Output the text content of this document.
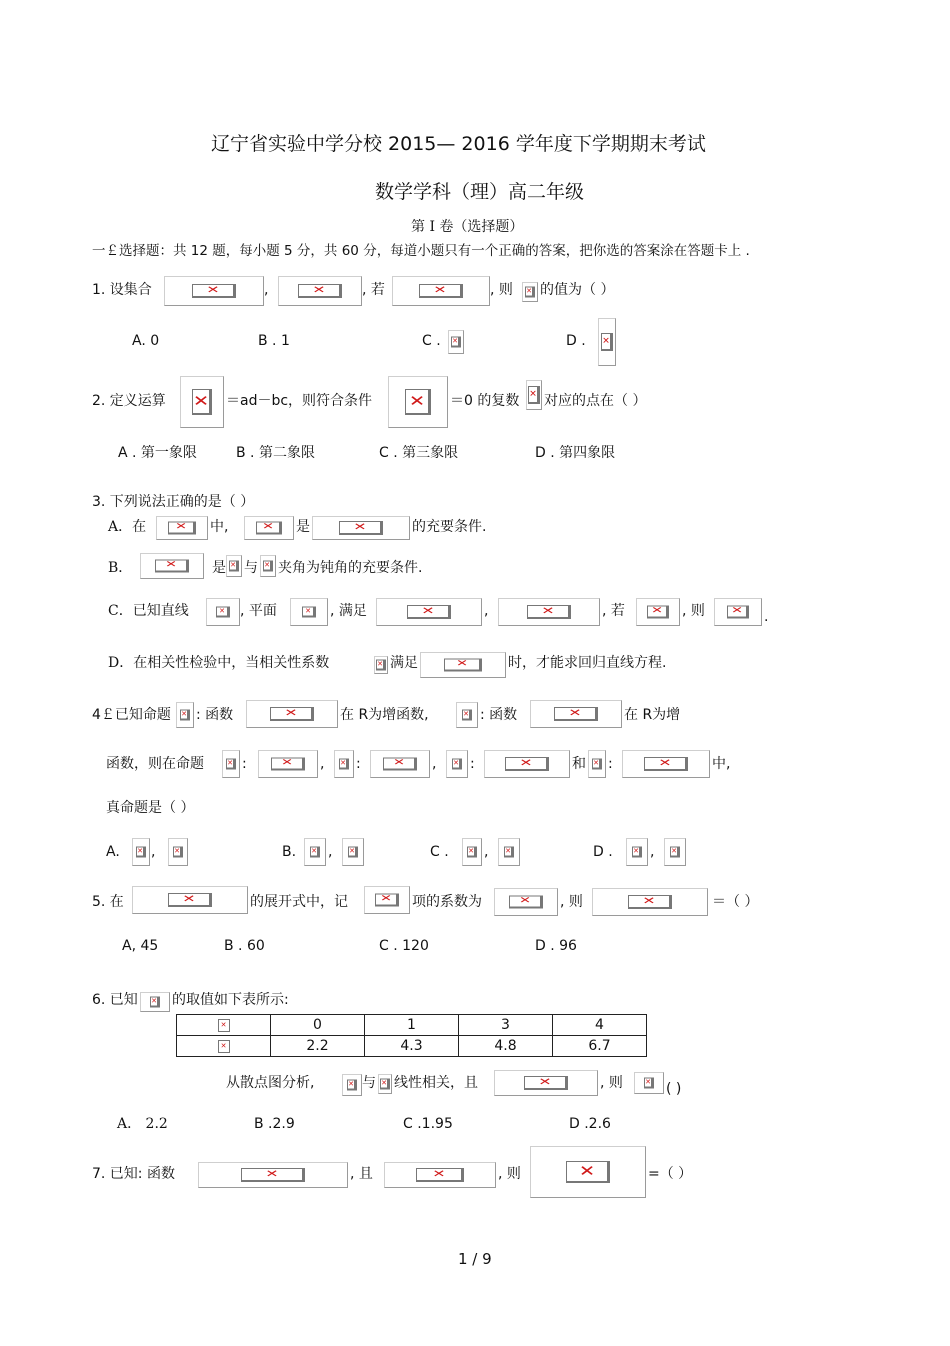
辽宁省实验中学分校 2015— 2016 学年度下学期期末考试
数学学科（理）高二年级
第 I 卷（选择题）
一￡选择题：共 12 题，每小题 5 分，共 60 分，每道小题只有一个正确的答案，把你选的答案涂在答题卡上 .
1. 设集合 ✕	, ✕	, 若 ✕	, 则 ✕ 的值为（ ）
A. 0	B . 1	C . ✕	D .
✕
2. 定义运算 ✕	＝ad－bc，则符合条件 ✕	＝0 的复数 ✕ 对应的点在（ ）
A . 第一象限	B . 第二象限	C . 第三象限	D . 第四象限
3. 下列说法正确的是（ ）
A．在 ✕	中, ✕	是 ✕	的充要条件.
B． ✕	是 ✕ 与 ✕ 夹角为钝角的充要条件.
C．已知直线 ✕	, 平面 ✕	, 满足 ✕	, ✕	, 若 ✕	, 则 ✕	.
D．在相关性检验中，当相关性系数 ✕	满足 ✕	时，才能求回归直线方程.
4￡已知命题 ✕ : 函数 ✕	在 R为增函数, ✕	: 函数 ✕	在 R为增
函数，则在命题 ✕	: ✕	, ✕ : ✕	, ✕ : ✕	和 ✕ : ✕	中,
真命题是（ ）
A. ✕ , ✕	B. ✕ , ✕	C . ✕	, ✕	D . ✕	,
✕
5. 在 ✕	的展开式中，记 ✕	项的系数为 ✕	, 则 ✕	＝（ ）
A, 45	B . 60	C . 120	D . 96
6. 已知 ✕ 的取值如下表所示:
✕	0	1	3	4
✕	2.2	4.3	4.8	6.7
从散点图分析, ✕	与 ✕ 线性相关，且 ✕	, 则 ✕	( )
A． 2.2	B .2.9	C .1.95	D .2.6
7. 已知: 函数 ✕	, 且 ✕	, 则 ✕	=（ ）
1 / 9
